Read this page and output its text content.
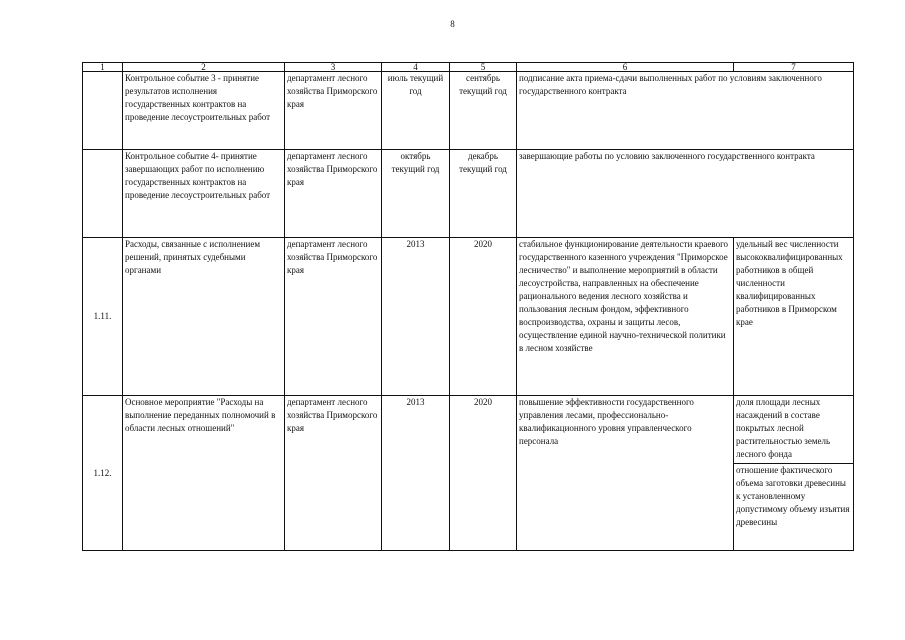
8
1	2	3	4	5	6	7
	Контрольное событие 3 - принятие результатов исполнения государственных контрактов на проведение лесоустроительных работ	департамент лесного хозяйства Приморского края	июль текущий год	сентябрь текущий год	подписание акта приема-сдачи выполненных работ по условиям заключенного государственного контракта	
	Контрольное событие 4- принятие завершающих работ по исполнению государственных контрактов на проведение лесоустроительных работ	департамент лесного хозяйства Приморского края	октябрь текущий год	декабрь текущий год	завершающие работы по условию заключенного государственного контракта	
1.11.	Расходы, связанные с исполнением решений, принятых судебными органами	департамент лесного хозяйства Приморского края	2013	2020	стабильное функционирование деятельности краевого государственного казенного учреждения "Приморское лесничество" и выполнение мероприятий в области лесоустройства, направленных на обеспечение рационального ведения лесного хозяйства и пользования лесным фондом, эффективного воспроизводства, охраны и защиты лесов, осуществление единой научно-технической политики в лесном хозяйстве	удельный вес численности высококвалифицированных работников в общей численности квалифицированных работников в Приморском крае
1.12.	Основное мероприятие "Расходы на выполнение переданных полномочий в области лесных отношений"	департамент лесного хозяйства Приморского края	2013	2020	повышение эффективности государственного управления лесами, профессионально-квалификационного уровня управленческого персонала	доля площади лесных насаждений в составе покрытых лесной растительностью земель лесного фонда
						отношение фактического объема заготовки древесины к установленному допустимому объему изъятия древесины
